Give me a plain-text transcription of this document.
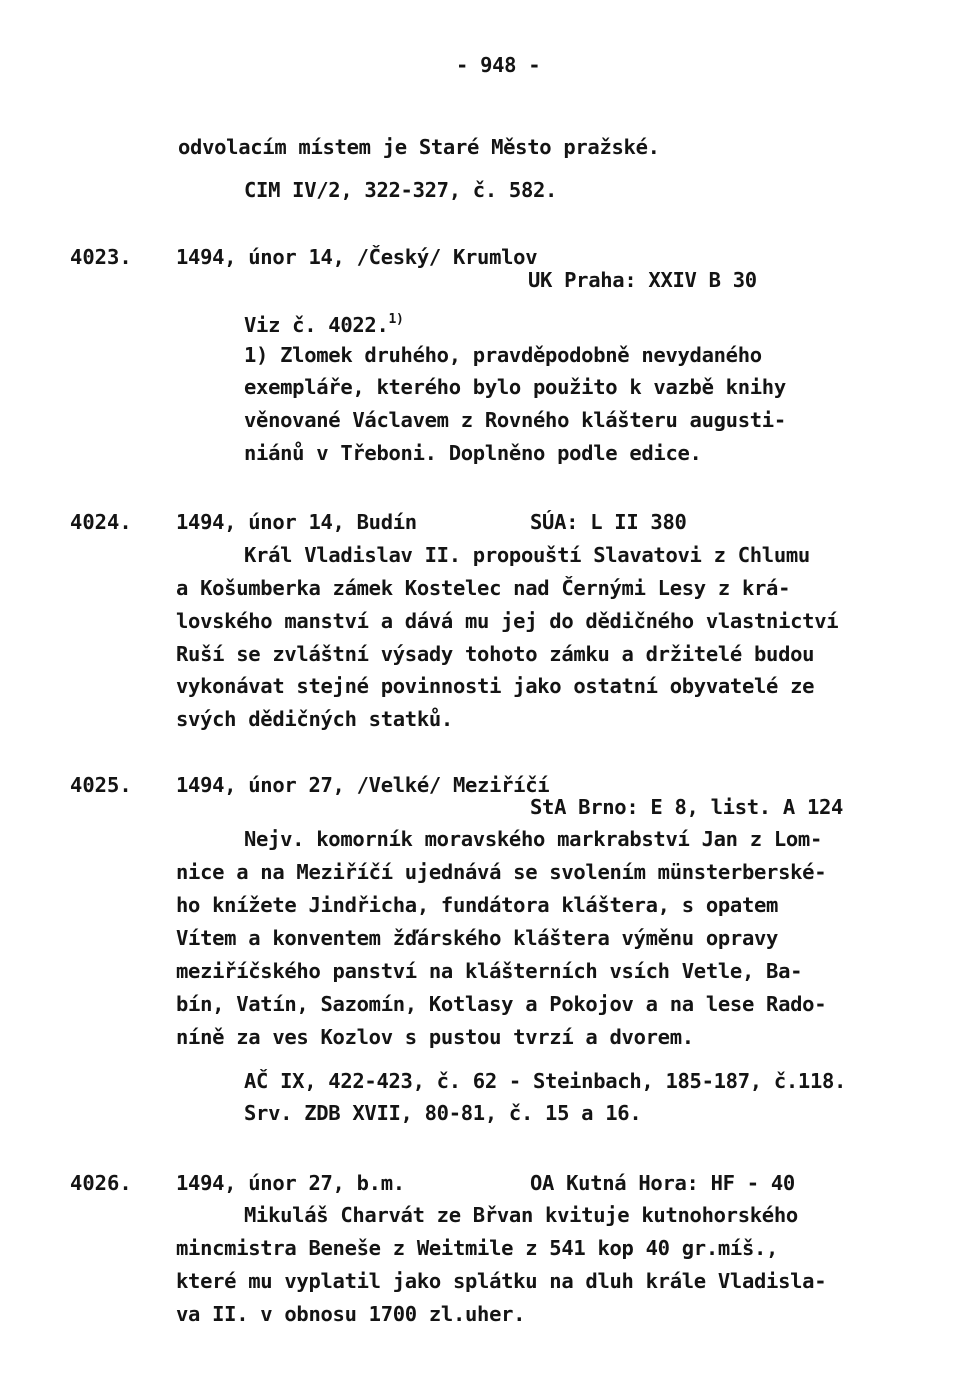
- 948 -
odvolacím místem je Staré Město pražské.
CIM IV/2, 322-327, č. 582.
4023. 1494, únor 14, /Český/ Krumlov
UK Praha: XXIV B 30
Viz č. 4022.$^{1)}$
1) Zlomek druhého, pravděpodobně nevydaného
exempláře, kterého bylo použito k vazbě knihy
věnované Václavem z Rovného klášteru augusti-
niánů v Třeboni. Doplněno podle edice.
4024. 1494, únor 14, Budín	SÚA: L II 380
Král Vladislav II. propouští Slavatovi z Chlumu
a Košumberka zámek Kostelec nad Černými Lesy z krá-
lovského manství a dává mu jej do dědičného vlastnictví
Ruší se zvláštní výsady tohoto zámku a držitelé budou
vykonávat stejné povinnosti jako ostatní obyvatelé ze
svých dědičných statků.
4025. 1494, únor 27, /Velké/ Meziříčí
StA Brno: E 8, list. A 124
Nejv. komorník moravského markrabství Jan z Lom-
nice a na Meziříčí ujednává se svolením münsterberské-
ho knížete Jindřicha, fundátora kláštera, s opatem
Vítem a konventem žďárského kláštera výměnu opravy
meziříčského panství na klášterních vsích Vetle, Ba-
bín, Vatín, Sazomín, Kotlasy a Pokojov a na lese Rado-
níně za ves Kozlov s pustou tvrzí a dvorem.
AČ IX, 422-423, č. 62 - Steinbach, 185-187, č.118.
Srv. ZDB XVII, 80-81, č. 15 a 16.
4026. 1494, únor 27, b.m.	OA Kutná Hora: HF - 40
Mikuláš Charvát ze Břvan kvituje kutnohorského
mincmistra Beneše z Weitmile z 541 kop 40 gr.míš.,
které mu vyplatil jako splátku na dluh krále Vladisla-
va II. v obnosu 1700 zl.uher.
